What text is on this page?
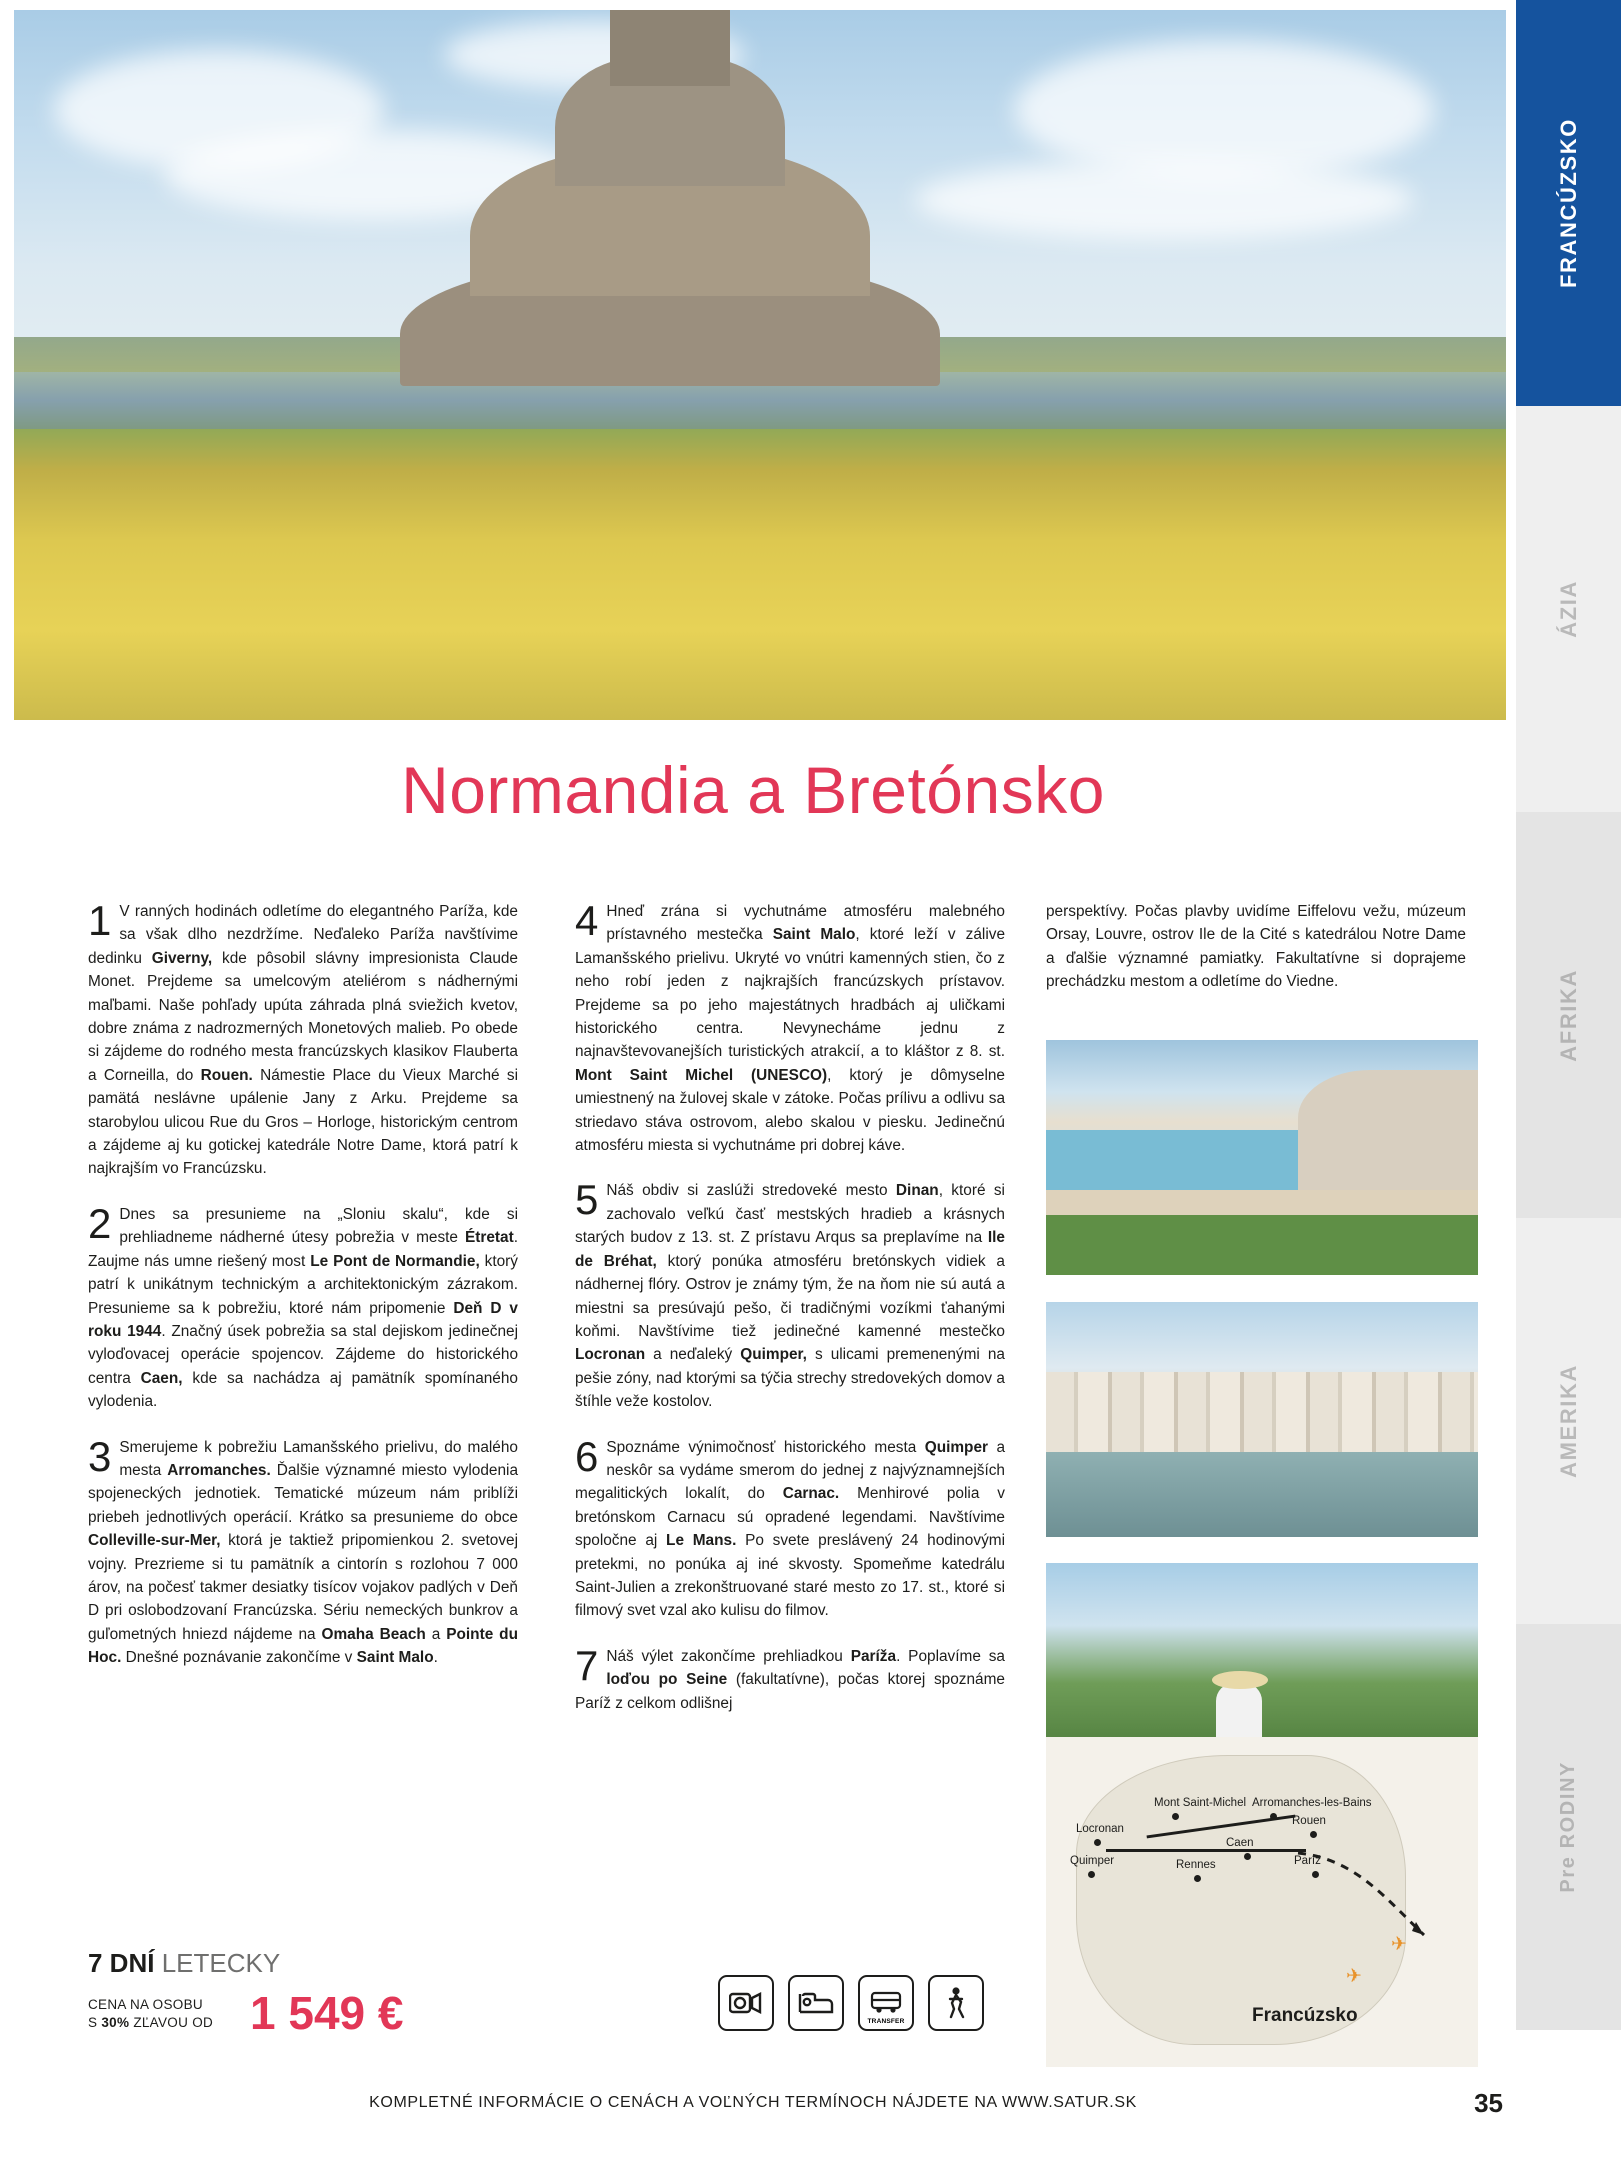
Normandia a Bretónsko
1 V ranných hodinách odletíme do elegantného Paríža, kde sa však dlho nezdržíme. Neďaleko Paríža navštívime dedinku Giverny, kde pôsobil slávny impresionista Claude Monet. Prejdeme sa umelcovým ateliérom s nádhernými maľbami. Naše pohľady upúta záhrada plná sviežich kvetov, dobre známa z nadrozmerných Monetových malieb. Po obede si zájdeme do rodného mesta francúzskych klasikov Flauberta a Corneilla, do Rouen. Námestie Place du Vieux Marché si pamätá neslávne upálenie Jany z Arku. Prejdeme sa starobylou ulicou Rue du Gros – Horloge, historickým centrom a zájdeme aj ku gotickej katedrále Notre Dame, ktorá patrí k najkrajším vo Francúzsku.
2 Dnes sa presunieme na „Sloniu skalu“, kde si prehliadneme nádherné útesy pobrežia v meste Étretat. Zaujme nás umne riešený most Le Pont de Normandie, ktorý patrí k unikátnym technickým a architektonickým zázrakom. Presunieme sa k pobrežiu, ktoré nám pripomenie Deň D v roku 1944. Značný úsek pobrežia sa stal dejiskom jedinečnej vyloďovacej operácie spojencov. Zájdeme do historického centra Caen, kde sa nachádza aj pamätník spomínaného vylodenia.
3 Smerujeme k pobrežiu Lamanšského prielivu, do malého mesta Arromanches. Ďalšie významné miesto vylodenia spojeneckých jednotiek. Tematické múzeum nám priblíži priebeh jednotlivých operácií. Krátko sa presunieme do obce Colleville-sur-Mer, ktorá je taktiež pripomienkou 2. svetovej vojny. Prezrieme si tu pamätník a cintorín s rozlohou 7 000 árov, na počesť takmer desiatky tisícov vojakov padlých v Deň D pri oslobodzovaní Francúzska. Sériu nemeckých bunkrov a guľometných hniezd nájdeme na Omaha Beach a Pointe du Hoc. Dnešné poznávanie zakončíme v Saint Malo.
4 Hneď zrána si vychutnáme atmosféru malebného prístavného mestečka Saint Malo, ktoré leží v zálive Lamanšského prielivu. Ukryté vo vnútri kamenných stien, čo z neho robí jeden z najkrajších francúzskych prístavov. Prejdeme sa po jeho majestátnych hradbách aj uličkami historického centra. Nevynecháme jednu z najnavštevovanejších turistických atrakcií, a to kláštor z 8. st. Mont Saint Michel (UNESCO), ktorý je dômyselne umiestnený na žulovej skale v zátoke. Počas prílivu a odlivu sa striedavo stáva ostrovom, alebo skalou v piesku. Jedinečnú atmosféru miesta si vychutnáme pri dobrej káve.
5 Náš obdiv si zaslúži stredoveké mesto Dinan, ktoré si zachovalo veľkú časť mestských hradieb a krásnych starých budov z 13. st. Z prístavu Arqus sa preplavíme na Ile de Bréhat, ktorý ponúka atmosféru bretónskych vidiek a nádhernej flóry. Ostrov je známy tým, že na ňom nie sú autá a miestni sa presúvajú pešo, či tradičnými vozíkmi ťahanými koňmi. Navštívime tiež jedinečné kamenné mestečko Locronan a neďaleký Quimper, s ulicami premenenými na pešie zóny, nad ktorými sa týčia strechy stredovekých domov a štíhle veže kostolov.
6 Spoznáme výnimočnosť historického mesta Quimper a neskôr sa vydáme smerom do jednej z najvýznamnejších megalitických lokalít, do Carnac. Menhirové polia v bretónskom Carnacu sú opradené legendami. Navštívime spoločne aj Le Mans. Po svete preslávený 24 hodinovými pretekmi, no ponúka aj iné skvosty. Spomeňme katedrálu Saint-Julien a zrekonštruované staré mesto zo 17. st., ktoré si filmový svet vzal ako kulisu do filmov.
7 Náš výlet zakončíme prehliadkou Paríža. Poplavíme sa loďou po Seine (fakultatívne), počas ktorej spoznáme Paríž z celkom odlišnej
perspektívy. Počas plavby uvidíme Eiffelovu vežu, múzeum Orsay, Louvre, ostrov Ile de la Cité s katedrálou Notre Dame a ďalšie významné pamiatky. Fakultatívne si doprajeme prechádzku mestom a odletíme do Viedne.
✈
✈
Francúzsko
Mont Saint-Michel Arromanches-les-Bains
Rouen
Locronan
Caen
Quimper	Rennes	Paríž
7 DNÍ LETECKY
CENA NA OSOBU
S 30% ZĽAVOU OD 1 549 €	TRANSFER
KOMPLETNÉ INFORMÁCIE O CENÁCH A VOĽNÝCH TERMÍNOCH NÁJDETE NA WWW.SATUR.SK	35
FRANCÚZSKO
ÁZIA
AFRIKA
AMERIKA
Pre RODINY
